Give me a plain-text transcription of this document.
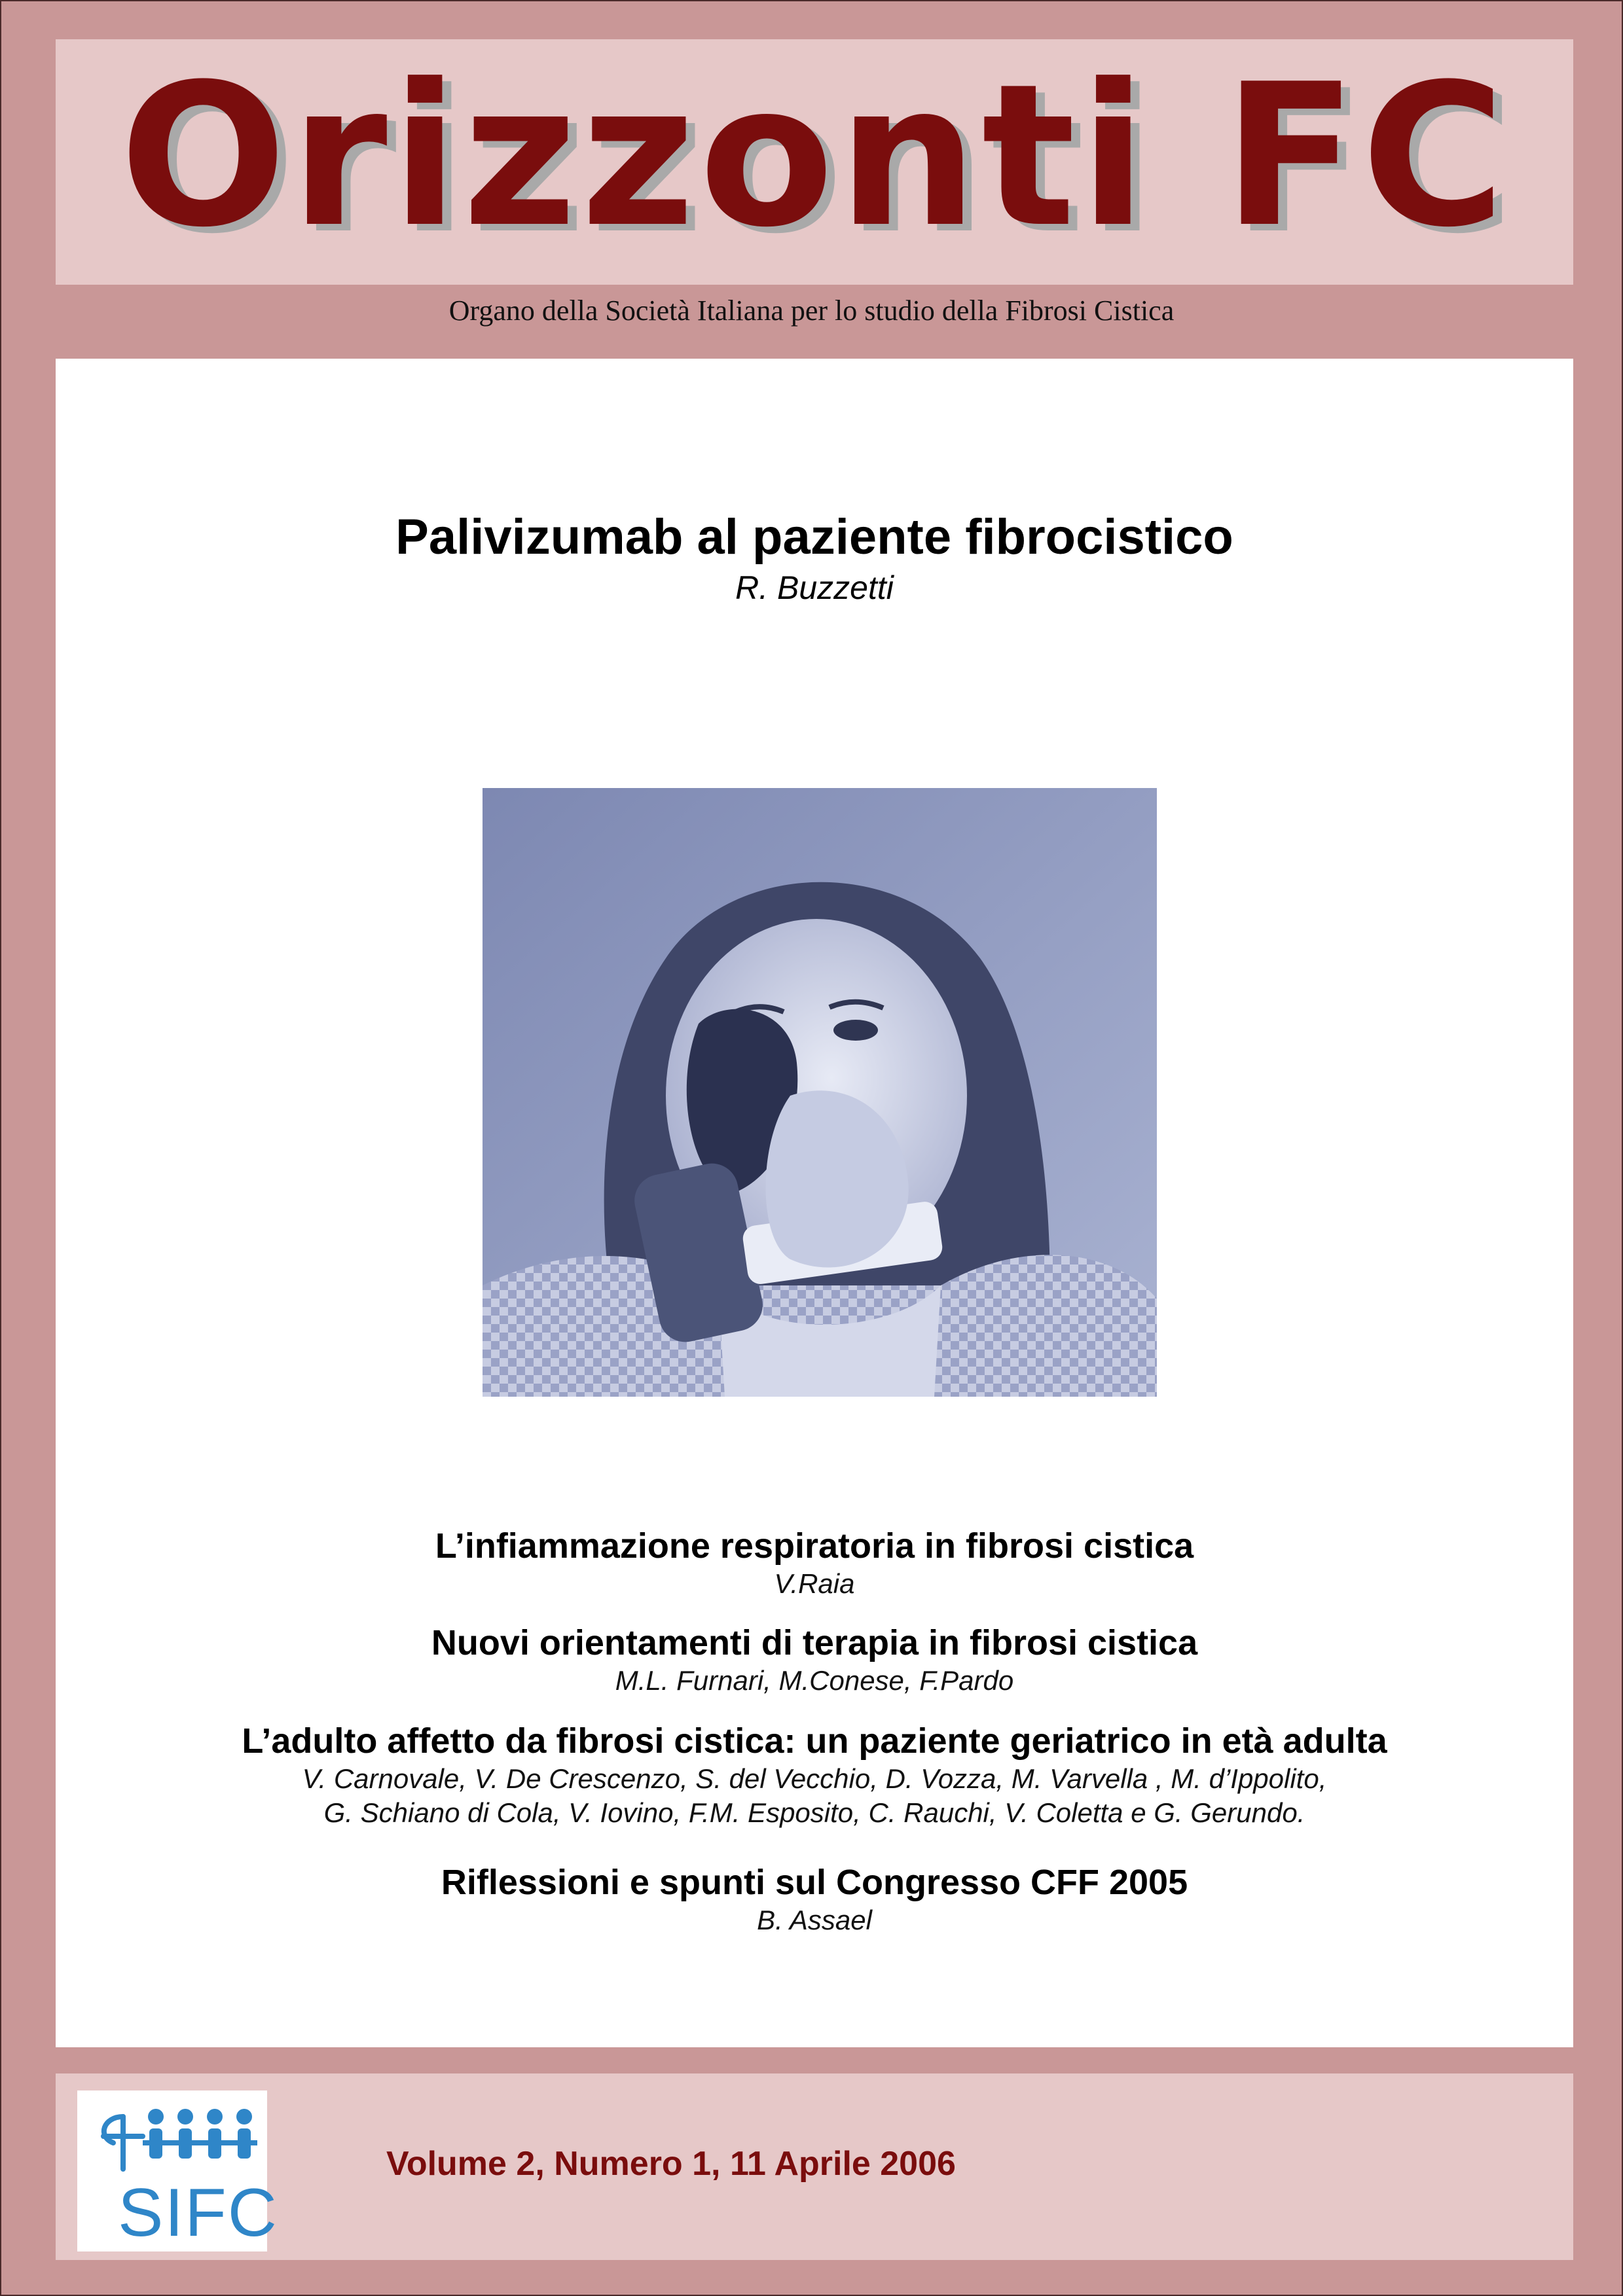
Orizzonti FC
Organo della Società Italiana per lo studio della Fibrosi Cistica
Palivizumab al paziente fibrocistico
R. Buzzetti

L’infiammazione respiratoria in fibrosi cistica

V.Raia

Nuovi orientamenti di terapia in fibrosi cistica

M.L. Furnari, M.Conese, F.Pardo

L’adulto affetto da fibrosi cistica: un paziente geriatrico in età adulta

V. Carnovale, V. De Crescenzo, S. del Vecchio, D. Vozza, M. Varvella , M. d’Ippolito,

G. Schiano di Cola, V. Iovino, F.M. Esposito, C. Rauchi, V. Coletta e G. Gerundo.

Riflessioni e spunti sul Congresso CFF 2005

B. Assael

SIFC
Volume 2, Numero 1, 11 Aprile 2006
